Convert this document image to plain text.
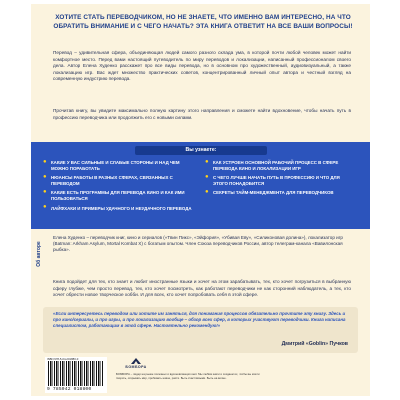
ХОТИТЕ СТАТЬ ПЕРЕВОДЧИКОМ, НО НЕ ЗНАЕТЕ, ЧТО ИМЕННО ВАМ ИНТЕРЕСНО, НА ЧТО ОБРАТИТЬ ВНИМАНИЕ И С ЧЕГО НАЧАТЬ? ЭТА КНИГА ОТВЕТИТ НА ВСЕ ВАШИ ВОПРОСЫ!

Перевод – удивительная сфера, объединяющая людей самого разного склада ума, в которой почти любой человек может найти комфортное место. Перед вами настоящий путеводитель по миру переводов и локализации, написанный профессионалом своего дела. Автор Елена Худенко расскажет про все виды перевода, но в основном про художественный, аудиовизуальный, а также локализацию игр. Вас ждет множество практических советов, концентрированный личный опыт автора и честный взгляд на современную индустрию перевода.

Прочитав книгу, вы увидите максимально полную картину этого направления и сможете найти вдохновение, чтобы начать путь в профессию переводчика или продолжить его с новыми силами.

Вы узнаете:
● КАКИЕ У ВАС СИЛЬНЫЕ И СЛАБЫЕ СТОРОНЫ И НАД ЧЕМ МОЖНО ПОРАБОТАТЬ
● НЮАНСЫ РАБОТЫ В РАЗНЫХ СФЕРАХ, СВЯЗАННЫХ С ПЕРЕВОДОМ
● КАКИЕ ЕСТЬ ПРОГРАММЫ ДЛЯ ПЕРЕВОДА КИНО И КАК ИМИ ПОЛЬЗОВАТЬСЯ
● ЛАЙФХАКИ И ПРИМЕРЫ УДАЧНОГО И НЕУДАЧНОГО ПЕРЕВОДА
● КАК УСТРОЕН ОСНОВНОЙ РАБОЧИЙ ПРОЦЕСС В СФЕРЕ ПЕРЕВОДА КИНО И ЛОКАЛИЗАЦИИ ИГР
● С ЧЕГО ЛУЧШЕ НАЧАТЬ ПУТЬ В ПРОФЕССИЮ И ЧТО ДЛЯ ЭТОГО ПОНАДОБИТСЯ
● СЕКРЕТЫ ТАЙМ-МЕНЕДЖМЕНТА ДЛЯ ПЕРЕВОДЧИКОВ
Об авторе

Елена Худенко – переводчик книг, кино и сериалов («Твин Пикс», «Эйфория», «Убивая Еву», «Силиконовая долина»), локализатор игр (Batman: Arkham Asylum, Mortal Kombat X) с богатым опытом. Член Союза переводчиков России, автор телеграм-канала «Вавилонская рыбка».

Книга подойдет для тех, кто знает и любит иностранные языки и хочет на этом зарабатывать, тех, кто хочет погрузиться в выбранную сферу глубже, чем просто перевод, тех, кто хочет посмотреть, как работают переводчики не как сторонний наблюдатель, а тех, кто хочет обрести новое творческое хобби. И для всех, кто хочет попробовать себя в этой сфере.

«Если интересуетесь переводом или хотите им заняться, для понимания процессов обязательно прочтите эту книгу. Здесь и про кино/сериалы, и про игры, и про локализацию вообще – обзор всех сфер, в которых участвуют переводчики. Книга написана специалистом, работающим в этой сфере. Настоятельно рекомендую!»

Дмитрий «Goblin» Пучков

ISBN 978-5-04-201880-0
9 785042 018800
БОМБОРА

БОМБОРА – лидер на рынке полезных и вдохновляющих книг. Мы любим книги и создаем их, чтобы вы могли творить, открывать мир, пробовать новое, расти. Быть счастливыми. Быть на волне.
